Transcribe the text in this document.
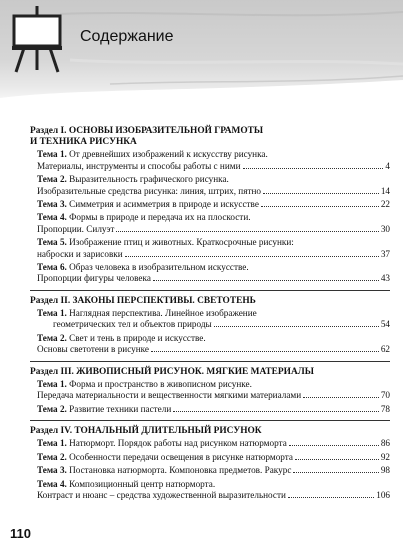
Содержание
Раздел I. ОСНОВЫ ИЗОБРАЗИТЕЛЬНОЙ ГРАМОТЫ
И ТЕХНИКА РИСУНКА
Тема 1. От древнейших изображений к искусству рисунка.
Материалы, инструменты и способы работы с ними	4
Тема 2. Выразительность графического рисунка.
Изобразительные средства рисунка: линия, штрих, пятно	14
Тема 3. Симметрия и асимметрия в природе и искусстве	22
Тема 4. Формы в природе и передача их на плоскости.
Пропорции. Силуэт	30
Тема 5. Изображение птиц и животных. Краткосрочные рисунки:
наброски и зарисовки	37
Тема 6. Образ человека в изобразительном искусстве.
Пропорции фигуры человека	43
Раздел II. ЗАКОНЫ ПЕРСПЕКТИВЫ. СВЕТОТЕНЬ
Тема 1. Наглядная перспектива. Линейное изображение
геометрических тел и объектов природы	54
Тема 2. Свет и тень в природе и искусстве.
Основы светотени в рисунке	62
Раздел III. ЖИВОПИСНЫЙ РИСУНОК. МЯГКИЕ МАТЕРИАЛЫ
Тема 1. Форма и пространство в живописном рисунке.
Передача материальности и вещественности мягкими материалами	70
Тема 2. Развитие техники пастели	78
Раздел IV. ТОНАЛЬНЫЙ ДЛИТЕЛЬНЫЙ РИСУНОК
Тема 1. Натюрморт. Порядок работы над рисунком натюрморта	86
Тема 2. Особенности передачи освещения в рисунке натюрморта	92
Тема 3. Постановка натюрморта. Компоновка предметов. Ракурс	98
Тема 4. Композиционный центр натюрморта.
Контраст и нюанс – средства художественной выразительности	106
110
